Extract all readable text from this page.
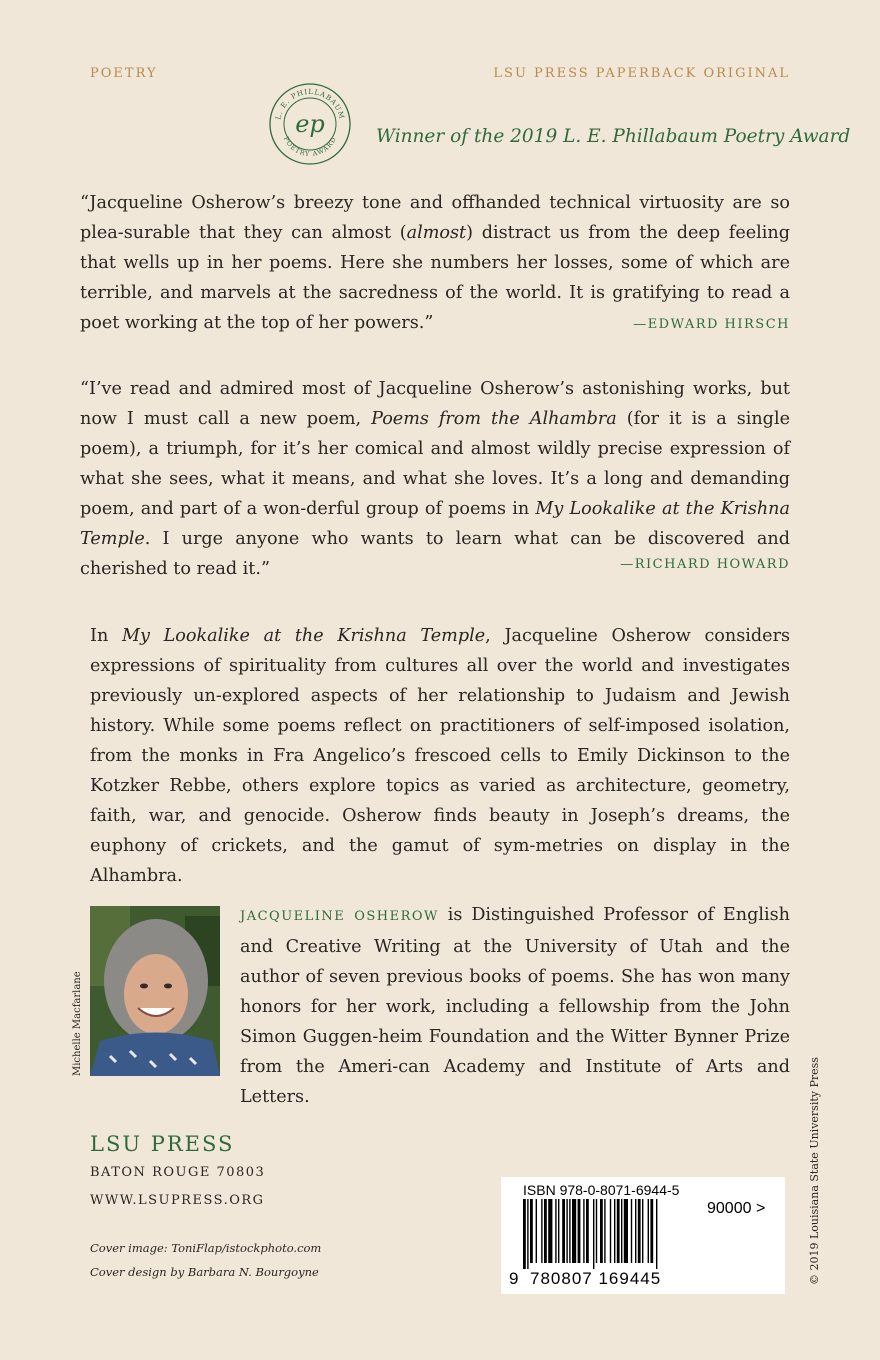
POETRY	LSU PRESS PAPERBACK ORIGINAL
L. E. PHILLABAUM
POETRY AWARD
ep	Winner of the 2019 L. E. Phillabaum Poetry Award

“Jacqueline Osherow’s breezy tone and offhanded technical virtuosity are so plea-surable that they can almost (almost) distract us from the deep feeling that wells up in her poems. Here she numbers her losses, some of which are terrible, and marvels at the sacredness of the world. It is gratifying to read a poet working at the top of her powers.”	—EDWARD HIRSCH

“I’ve read and admired most of Jacqueline Osherow’s astonishing works, but now I must call a new poem, Poems from the Alhambra (for it is a single poem), a triumph, for it’s her comical and almost wildly precise expression of what she sees, what it means, and what she loves. It’s a long and demanding poem, and part of a won-derful group of poems in My Lookalike at the Krishna Temple. I urge anyone who wants to learn what can be discovered and cherished to read it.”	—RICHARD HOWARD

In My Lookalike at the Krishna Temple, Jacqueline Osherow considers expressions of spirituality from cultures all over the world and investigates previously un-explored aspects of her relationship to Judaism and Jewish history. While some poems reflect on practitioners of self-imposed isolation, from the monks in Fra Angelico’s frescoed cells to Emily Dickinson to the Kotzker Rebbe, others explore topics as varied as architecture, geometry, faith, war, and genocide. Osherow finds beauty in Joseph’s dreams, the euphony of crickets, and the gamut of sym-metries on display in the Alhambra.

Michelle Macfarlane

JACQUELINE OSHEROW is Distinguished Professor of English and Creative Writing at the University of Utah and the author of seven previous books of poems. She has won many honors for her work, including a fellowship from the John Simon Guggen-heim Foundation and the Witter Bynner Prize from the Ameri-can Academy and Institute of Arts and Letters.

LSU PRESS
BATON ROUGE 70803
WWW.LSUPRESS.ORG
Cover image: ToniFlap/istockphoto.com
Cover design by Barbara N. Bourgoyne
ISBN 978-0-8071-6944-5
90000 >
9 780807 169445	© 2019 Louisiana State University Press
